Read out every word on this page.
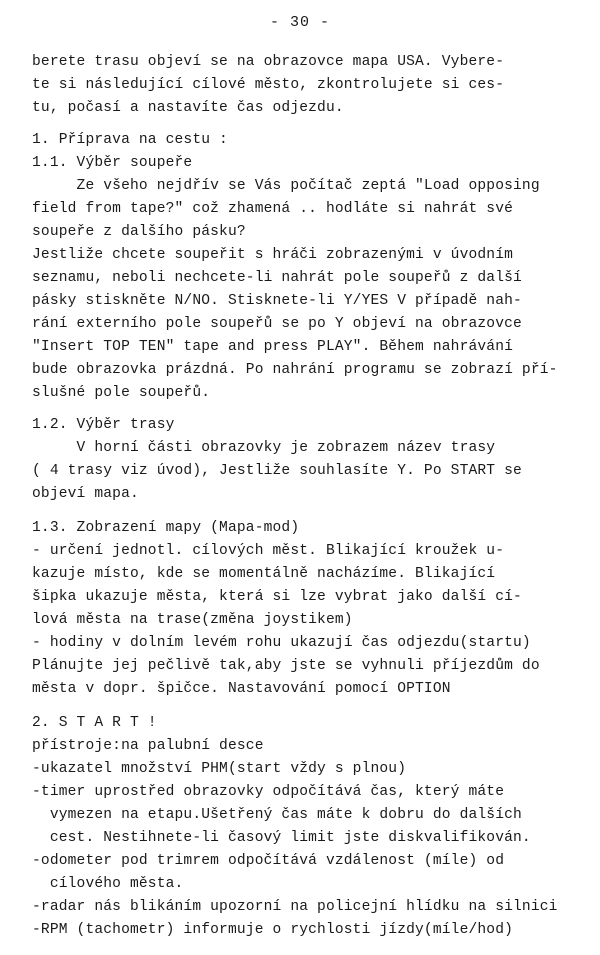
- 30 -
berete trasu objeví se na obrazovce mapa USA. Vybere-
te si následující cílové město, zkontrolujete si ces-
tu, počasí a nastavíte čas odjezdu.
1. Příprava na cestu :
1.1. Výběr soupeře
Ze všeho nejdřív se Vás počítač zeptá "Load opposing
field from tape?" což zhamená .. hodláte si nahrát své
soupeře z dalšího pásku?
Jestliže chcete soupeřit s hráči zobrazenými v úvodním
seznamu, neboli nechcete-li nahrát pole soupeřů z další
pásky stiskněte N/NO. Stisknete-li Y/YES V případě nah-
rání externího pole soupeřů se po Y objeví na obrazovce
"Insert TOP TEN" tape and press PLAY". Během nahrávání
bude obrazovka prázdná. Po nahrání programu se zobrazí pří-
slušné pole soupeřů.
1.2. Výběr trasy
V horní části obrazovky je zobrazem název trasy
( 4 trasy viz úvod), Jestliže souhlasíte Y. Po START se
objeví mapa.
1.3. Zobrazení mapy (Mapa-mod)
- určení jednotl. cílových měst. Blikající kroužek u-
kazuje místo, kde se momentálně nacházíme. Blikající
šipka ukazuje města, která si lze vybrat jako další cí-
lová města na trase(změna joystikem)
- hodiny v dolním levém rohu ukazují čas odjezdu(startu)
Plánujte jej pečlivě tak,aby jste se vyhnuli příjezdům do
města v dopr. špičce. Nastavování pomocí OPTION
2. S T A R T !
přístroje:na palubní desce
-ukazatel množství PHM(start vždy s plnou)
-timer uprostřed obrazovky odpočítává čas, který máte
vymezen na etapu.Ušetřený čas máte k dobru do dalších
cest. Nestihnete-li časový limit jste diskvalifikován.
-odometer pod trimrem odpočítává vzdálenost (míle) od
cílového města.
-radar nás blikáním upozorní na policejní hlídku na silnici
-RPM (tachometr) informuje o rychlosti jízdy(míle/hod)
